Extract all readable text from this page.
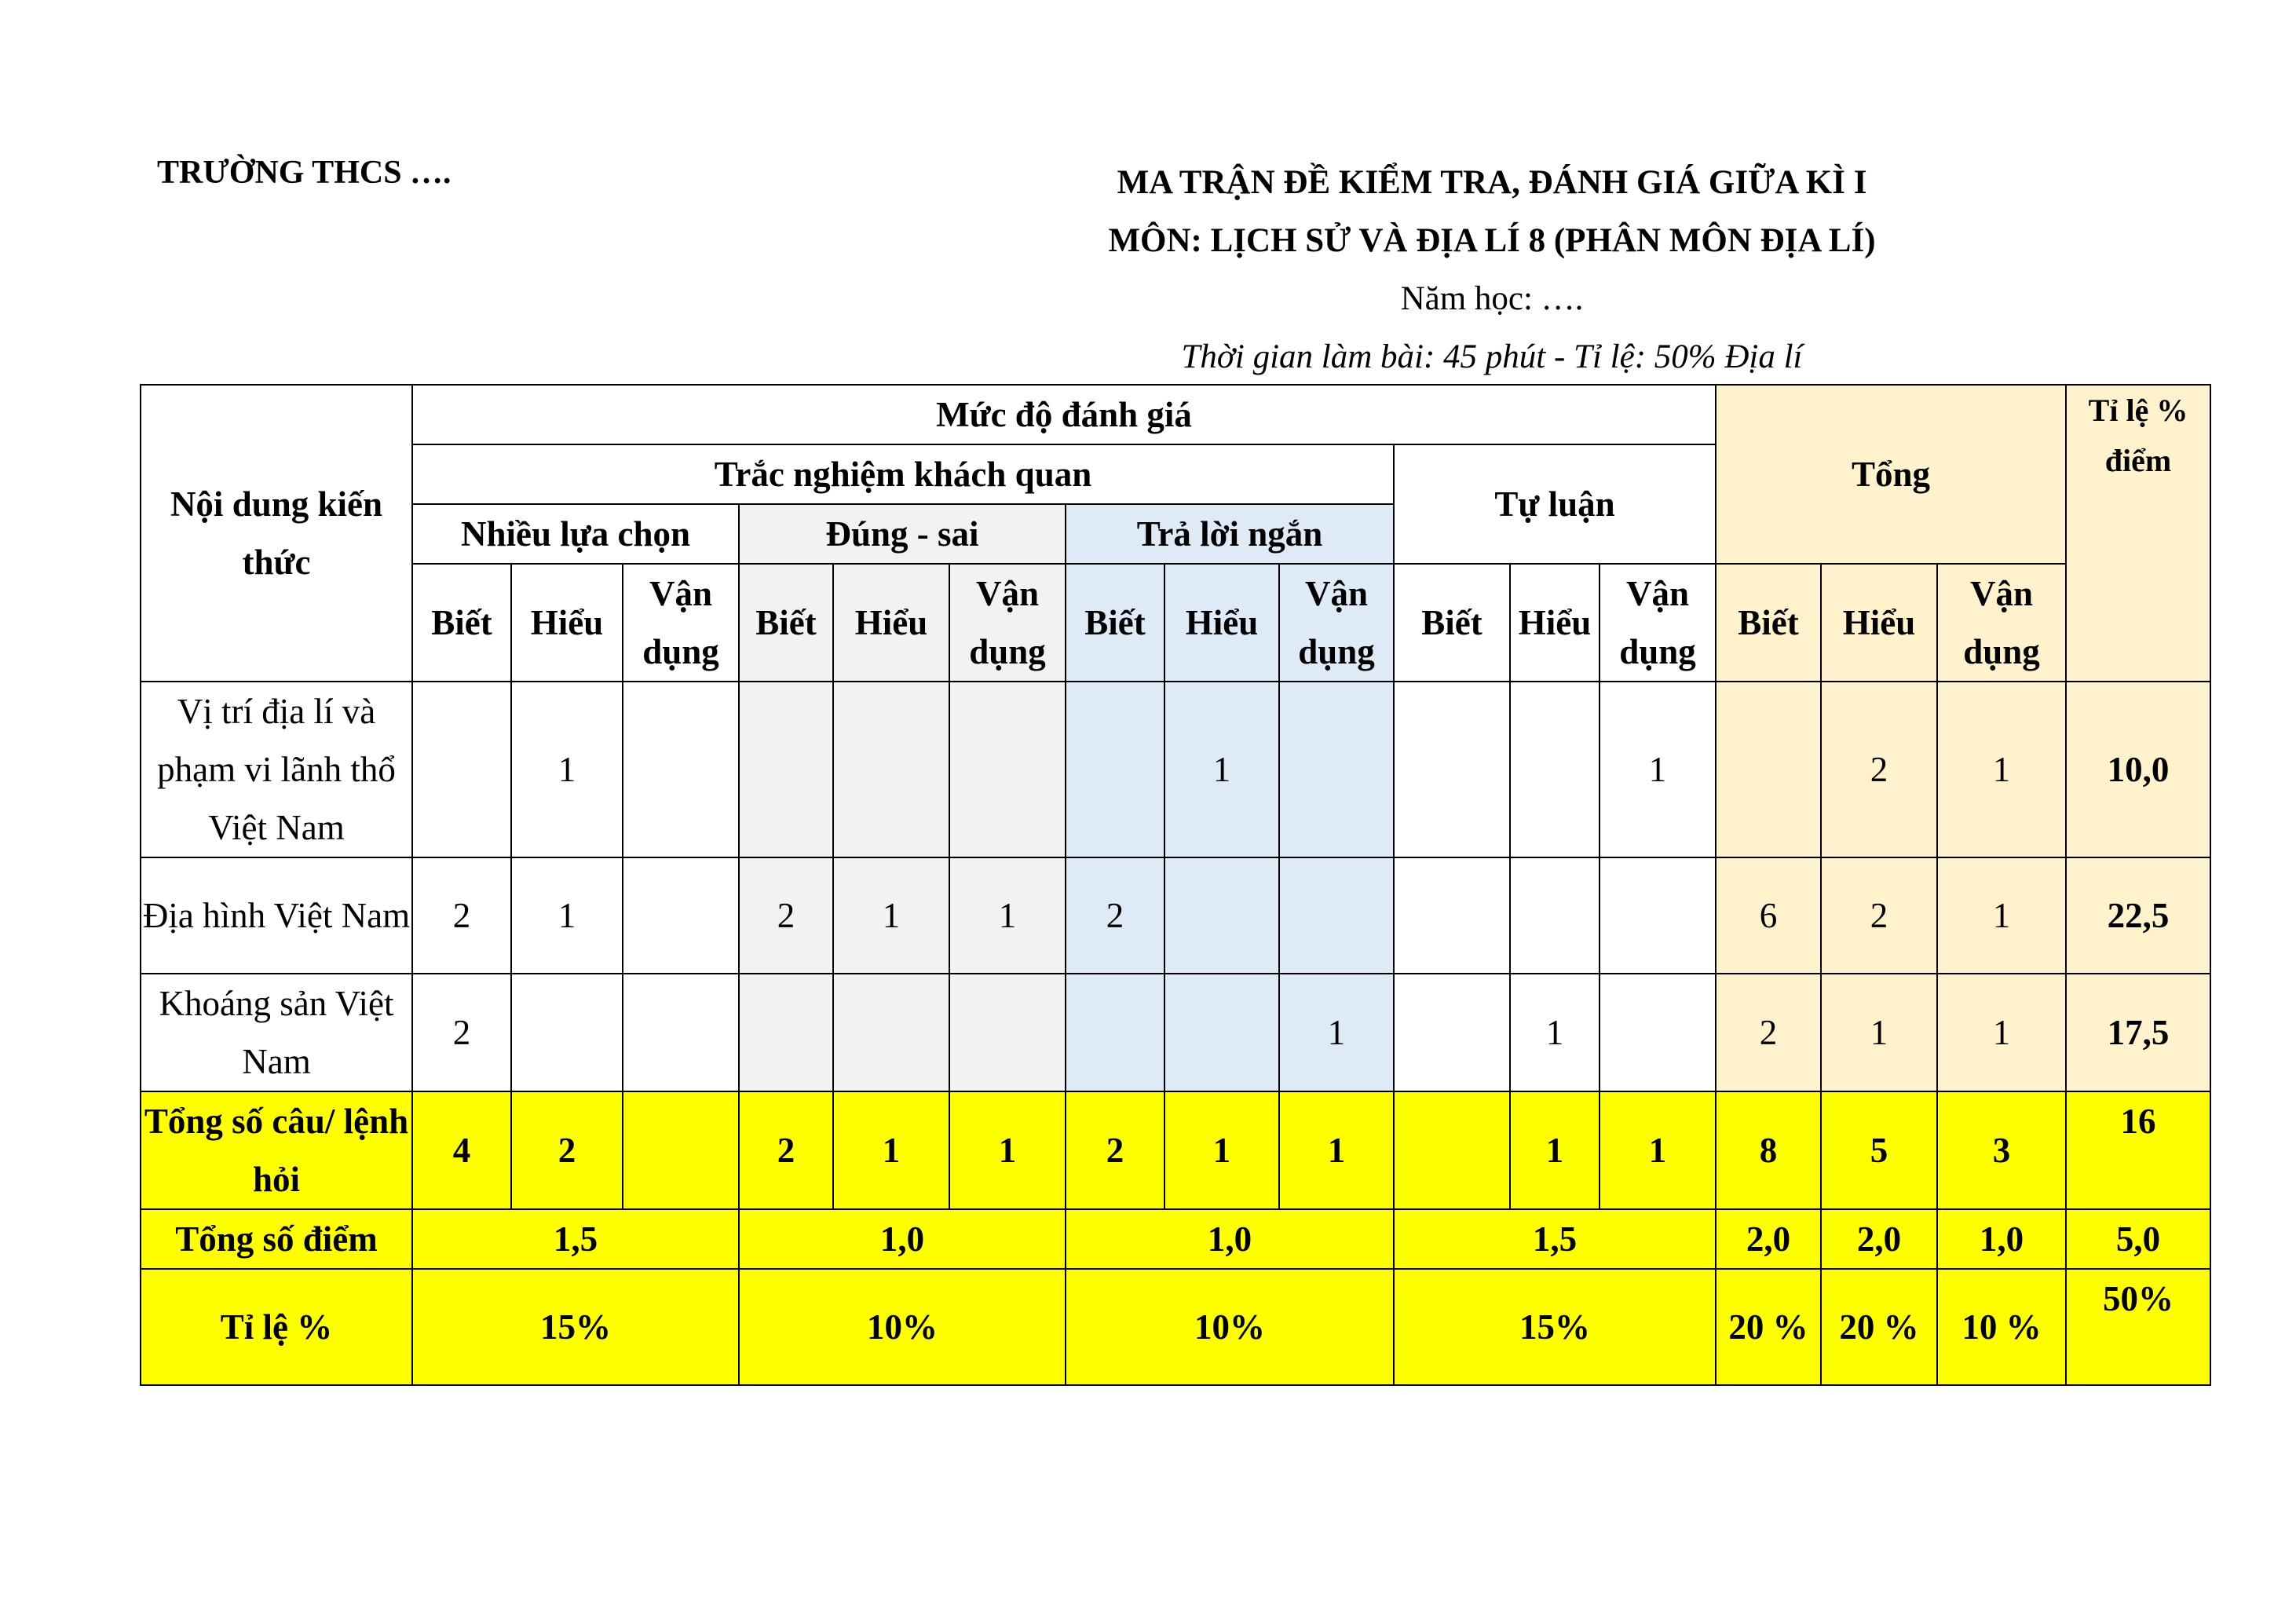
TRƯỜNG THCS ….	MA TRẬN ĐỀ KIỂM TRA, ĐÁNH GIÁ GIỮA KÌ I
MÔN: LỊCH SỬ VÀ ĐỊA LÍ 8 (PHÂN MÔN ĐỊA LÍ)
Năm học: ….
Thời gian làm bài: 45 phút - Tỉ lệ: 50% Địa lí
Nội dung kiến thức	Mức độ đánh giá												Tổng			Tỉ lệ % điểm
	Trắc nghiệm khách quan									Tự luận						
	Nhiều lựa chọn			Đúng - sai			Trả lời ngắn									
	Biết	Hiểu	Vận dụng	Biết	Hiểu	Vận dụng	Biết	Hiểu	Vận dụng	Biết	Hiểu	Vận dụng	Biết	Hiểu	Vận dụng	
Vị trí địa lí và phạm vi lãnh thổ Việt Nam		1						1				1		2	1	10,0
Địa hình Việt Nam	2	1		2	1	1	2						6	2	1	22,5
Khoáng sản Việt Nam	2								1		1		2	1	1	17,5
Tổng số câu/ lệnh hỏi	4	2		2	1	1	2	1	1		1	1	8	5	3	16
Tổng số điểm	1,5			1,0			1,0			1,5			2,0	2,0	1,0	5,0
Tỉ lệ %	15%			10%			10%			15%			20 %	20 %	10 %	50%
